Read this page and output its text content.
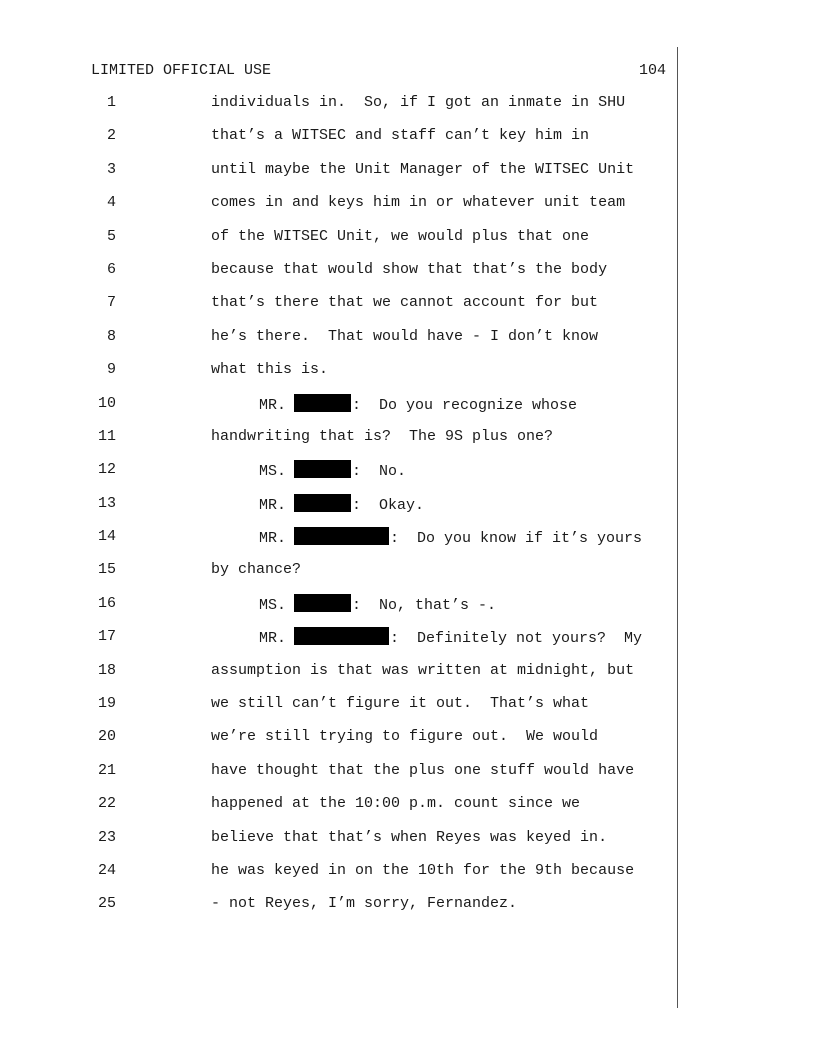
LIMITED OFFICIAL USE	104
1	individuals in.  So, if I got an inmate in SHU
2	that’s a WITSEC and staff can’t key him in
3	until maybe the Unit Manager of the WITSEC Unit
4	comes in and keys him in or whatever unit team
5	of the WITSEC Unit, we would plus that one
6	because that would show that that’s the body
7	that’s there that we cannot account for but
8	he’s there.  That would have - I don’t know
9	what this is.
10	MR.	:  Do you recognize whose
11	handwriting that is?  The 9S plus one?
12	MS.	:  No.
13	MR.	:  Okay.
14	MR.	:  Do you know if it’s yours
15	by chance?
16	MS.	:  No, that’s -.
17	MR.	:  Definitely not yours?  My
18	assumption is that was written at midnight, but
19	we still can’t figure it out.  That’s what
20	we’re still trying to figure out.  We would
21	have thought that the plus one stuff would have
22	happened at the 10:00 p.m. count since we
23	believe that that’s when Reyes was keyed in.
24	he was keyed in on the 10th for the 9th because
25	- not Reyes, I’m sorry, Fernandez.
